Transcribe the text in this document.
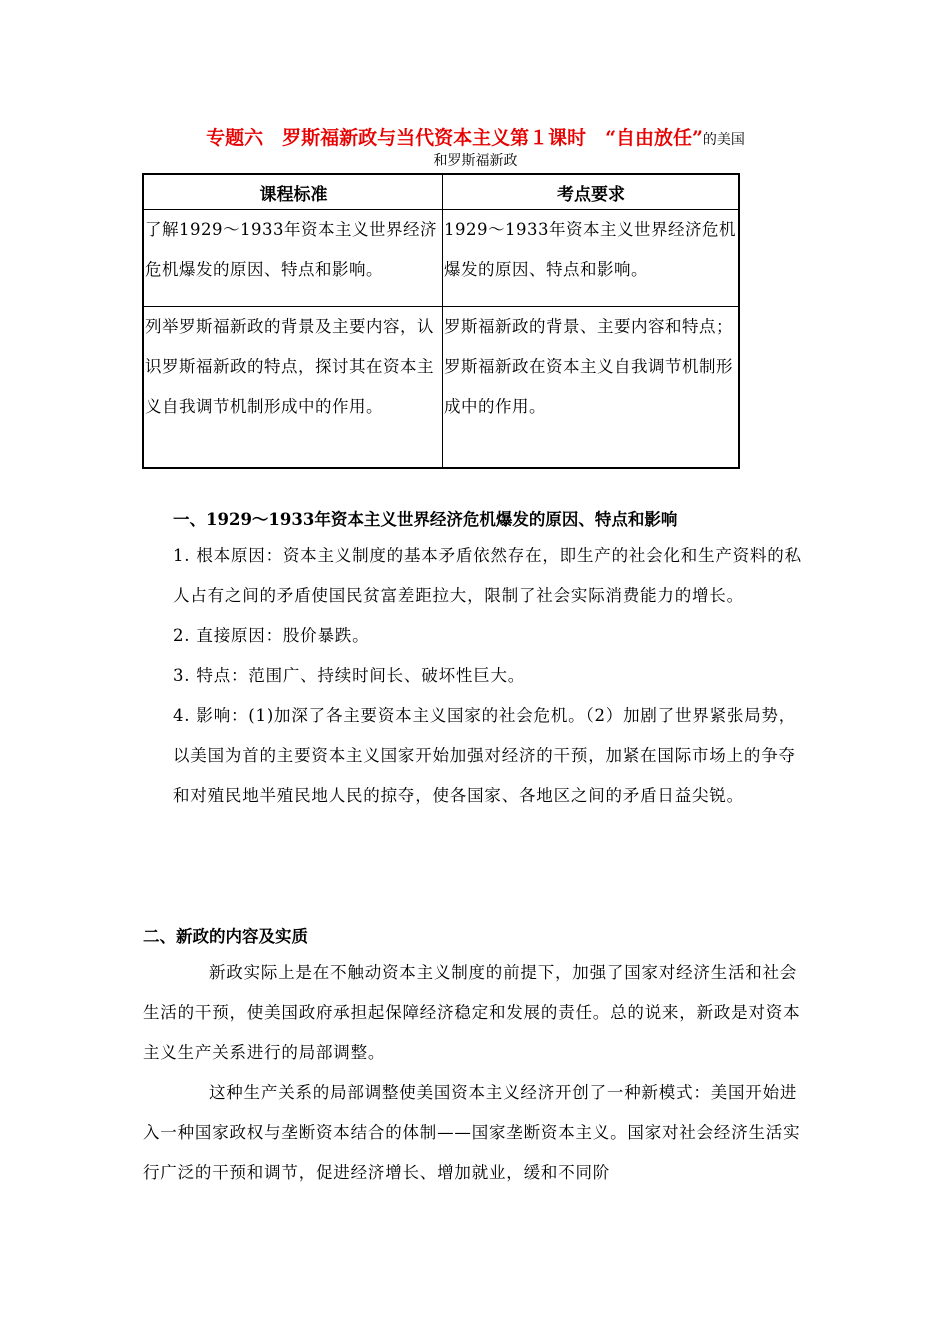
专题六　罗斯福新政与当代资本主义第１课时　“自由放任”的美国
和罗斯福新政
课程标准	考点要求
了解1929～1933年资本主义世界经济危机爆发的原因、特点和影响。	1929～1933年资本主义世界经济危机爆发的原因、特点和影响。
列举罗斯福新政的背景及主要内容，认识罗斯福新政的特点，探讨其在资本主义自我调节机制形成中的作用。	罗斯福新政的背景、主要内容和特点；罗斯福新政在资本主义自我调节机制形成中的作用。
一、1929～1933年资本主义世界经济危机爆发的原因、特点和影响

1. 根本原因：资本主义制度的基本矛盾依然存在，即生产的社会化和生产资料的私人占有之间的矛盾使国民贫富差距拉大，限制了社会实际消费能力的增长。

2. 直接原因：股价暴跌。

3. 特点：范围广、持续时间长、破坏性巨大。

4. 影响：(1)加深了各主要资本主义国家的社会危机。（2）加剧了世界紧张局势，以美国为首的主要资本主义国家开始加强对经济的干预，加紧在国际市场上的争夺和对殖民地半殖民地人民的掠夺，使各国家、各地区之间的矛盾日益尖锐。

二、新政的内容及实质

新政实际上是在不触动资本主义制度的前提下，加强了国家对经济生活和社会生活的干预，使美国政府承担起保障经济稳定和发展的责任。总的说来，新政是对资本主义生产关系进行的局部调整。

这种生产关系的局部调整使美国资本主义经济开创了一种新模式：美国开始进入一种国家政权与垄断资本结合的体制——国家垄断资本主义。国家对社会经济生活实行广泛的干预和调节，促进经济增长、增加就业，缓和不同阶
